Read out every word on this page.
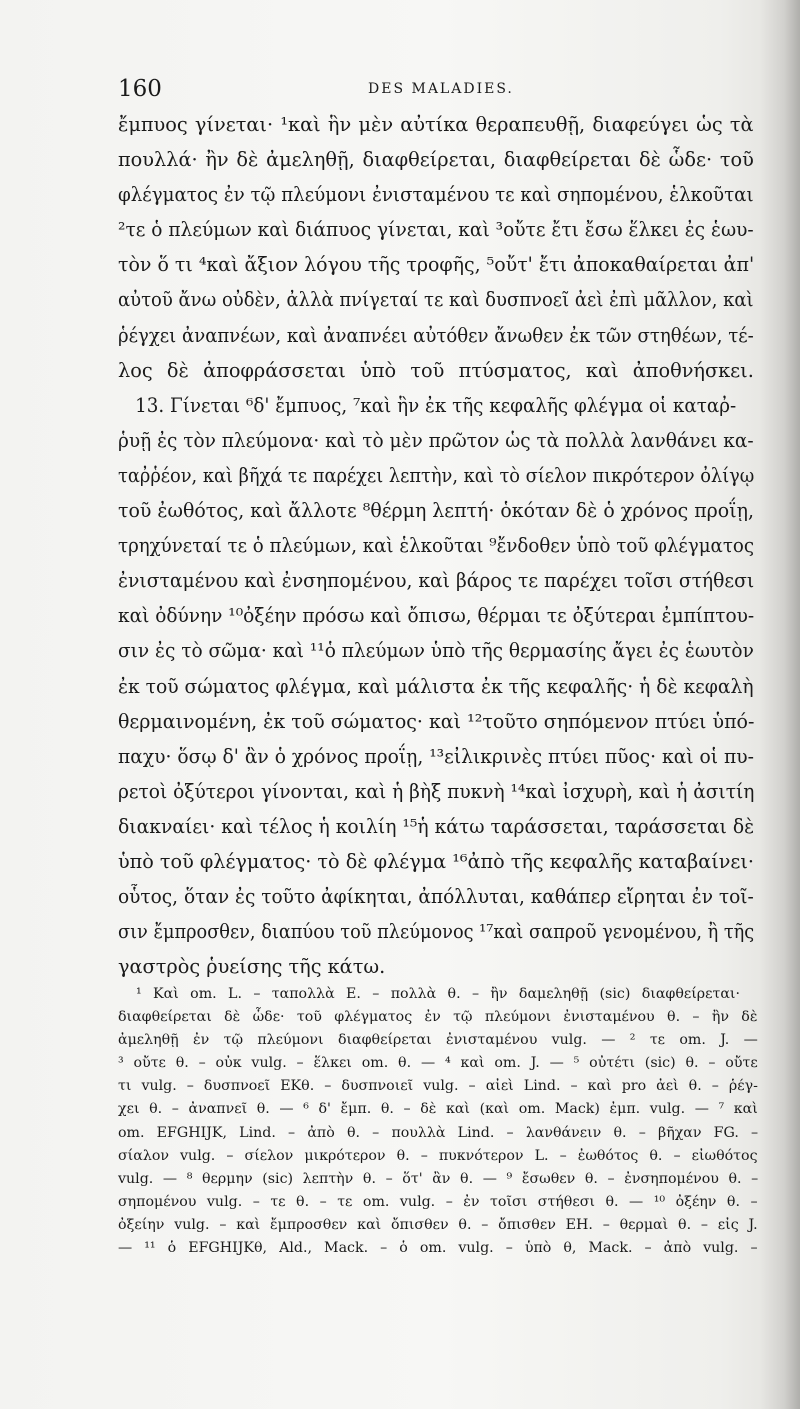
160	DES MALADIES.
ἔμπυος γίνεται· ¹καὶ ἣν μὲν αὐτίκα θεραπευθῇ, διαφεύγει ὡς τὰ
πουλλά· ἢν δὲ ἀμεληθῇ, διαφθείρεται, διαφθείρεται δὲ ὧδε· τοῦ
φλέγματος ἐν τῷ πλεύμονι ἐνισταμένου τε καὶ σηπομένου, ἑλκοῦται
²τε ὁ πλεύμων καὶ διάπυος γίνεται, καὶ ³οὔτε ἔτι ἔσω ἕλκει ἐς ἑωυ-
τὸν ὅ τι ⁴καὶ ἄξιον λόγου τῆς τροφῆς, ⁵οὔτ' ἔτι ἀποκαθαίρεται ἀπ'
αὐτοῦ ἄνω οὐδὲν, ἀλλὰ πνίγεταί τε καὶ δυσπνοεῖ ἀεὶ ἐπὶ μᾶλλον, καὶ
ῥέγχει ἀναπνέων, καὶ ἀναπνέει αὐτόθεν ἄνωθεν ἐκ τῶν στηθέων, τέ-
λος δὲ ἀποφράσσεται ὑπὸ τοῦ πτύσματος, καὶ ἀποθνήσκει.
13. Γίνεται ⁶δ' ἔμπυος, ⁷καὶ ἣν ἐκ τῆς κεφαλῆς φλέγμα οἱ καταῤ-
ῥυῇ ἐς τὸν πλεύμονα· καὶ τὸ μὲν πρῶτον ὡς τὰ πολλὰ λανθάνει κα-
ταῤῥέον, καὶ βῆχά τε παρέχει λεπτὴν, καὶ τὸ σίελον πικρότερον ὀλίγῳ
τοῦ ἐωθότος, καὶ ἄλλοτε ⁸θέρμη λεπτή· ὁκόταν δὲ ὁ χρόνος προΐῃ,
τρηχύνεταί τε ὁ πλεύμων, καὶ ἑλκοῦται ⁹ἔνδοθεν ὑπὸ τοῦ φλέγματος
ἐνισταμένου καὶ ἐνσηπομένου, καὶ βάρος τε παρέχει τοῖσι στήθεσι
καὶ ὀδύνην ¹⁰ὀξέην πρόσω καὶ ὄπισω, θέρμαι τε ὀξύτεραι ἐμπίπτου-
σιν ἐς τὸ σῶμα· καὶ ¹¹ὁ πλεύμων ὑπὸ τῆς θερμασίης ἄγει ἐς ἑωυτὸν
ἐκ τοῦ σώματος φλέγμα, καὶ μάλιστα ἐκ τῆς κεφαλῆς· ἡ δὲ κεφαλὴ
θερμαινομένη, ἐκ τοῦ σώματος· καὶ ¹²τοῦτο σηπόμενον πτύει ὑπό-
παχυ· ὅσῳ δ' ἂν ὁ χρόνος προΐῃ, ¹³εἰλικρινὲς πτύει πῦος· καὶ οἱ πυ-
ρετοὶ ὀξύτεροι γίνονται, καὶ ἡ βὴξ πυκνὴ ¹⁴καὶ ἰσχυρὴ, καὶ ἡ ἀσιτίη
διακναίει· καὶ τέλος ἡ κοιλίη ¹⁵ἡ κάτω ταράσσεται, ταράσσεται δὲ
ὑπὸ τοῦ φλέγματος· τὸ δὲ φλέγμα ¹⁶ἀπὸ τῆς κεφαλῆς καταβαίνει·
οὗτος, ὅταν ἐς τοῦτο ἀφίκηται, ἀπόλλυται, καθάπερ εἴρηται ἐν τοῖ-
σιν ἔμπροσθεν, διαπύου τοῦ πλεύμονος ¹⁷καὶ σαπροῦ γενομένου, ἢ τῆς
γαστρὸς ῥυείσης τῆς κάτω.
¹ Καὶ om. L. – ταπολλὰ E. – πολλὰ θ. – ἢν δαμεληθῇ (sic) διαφθείρεται·
διαφθείρεται δὲ ὧδε· τοῦ φλέγματος ἐν τῷ πλεύμονι ἐνισταμένου θ. – ἢν δὲ
ἀμεληθῇ ἐν τῷ πλεύμονι διαφθείρεται ἐνισταμένου vulg. — ² τε om. J. —
³ οὔτε θ. – οὐκ vulg. – ἕλκει om. θ. — ⁴ καὶ om. J. — ⁵ οὐτέτι (sic) θ. – οὔτε
τι vulg. – δυσπνοεῖ EKθ. – δυσπνοιεῖ vulg. – αἰεὶ Lind. – καὶ pro ἀεὶ θ. – ῥέγ-
χει θ. – ἀναπνεῖ θ. — ⁶ δ' ἔμπ. θ. – δὲ καὶ (καὶ om. Mack) ἐμπ. vulg. — ⁷ καὶ
om. EFGHIJK, Lind. – ἀπὸ θ. – πουλλὰ Lind. – λανθάνειν θ. – βῆχαν FG. –
σίαλον vulg. – σίελον μικρότερον θ. – πυκνότερον L. – ἐωθότος θ. – εἰωθότος
vulg. — ⁸ θερμην (sic) λεπτὴν θ. – ὅτ' ἂν θ. — ⁹ ἔσωθεν θ. – ἐνσηπομένου θ. –
σηπομένου vulg. – τε θ. – τε om. vulg. – ἐν τοῖσι στήθεσι θ. — ¹⁰ ὀξέην θ. –
ὀξείην vulg. – καὶ ἔμπροσθεν καὶ ὄπισθεν θ. – ὄπισθεν EH. – θερμαὶ θ. – εἰς J.
— ¹¹ ὁ EFGHIJKθ, Ald., Mack. – ὁ om. vulg. – ὑπὸ θ, Mack. – ἀπὸ vulg. –
